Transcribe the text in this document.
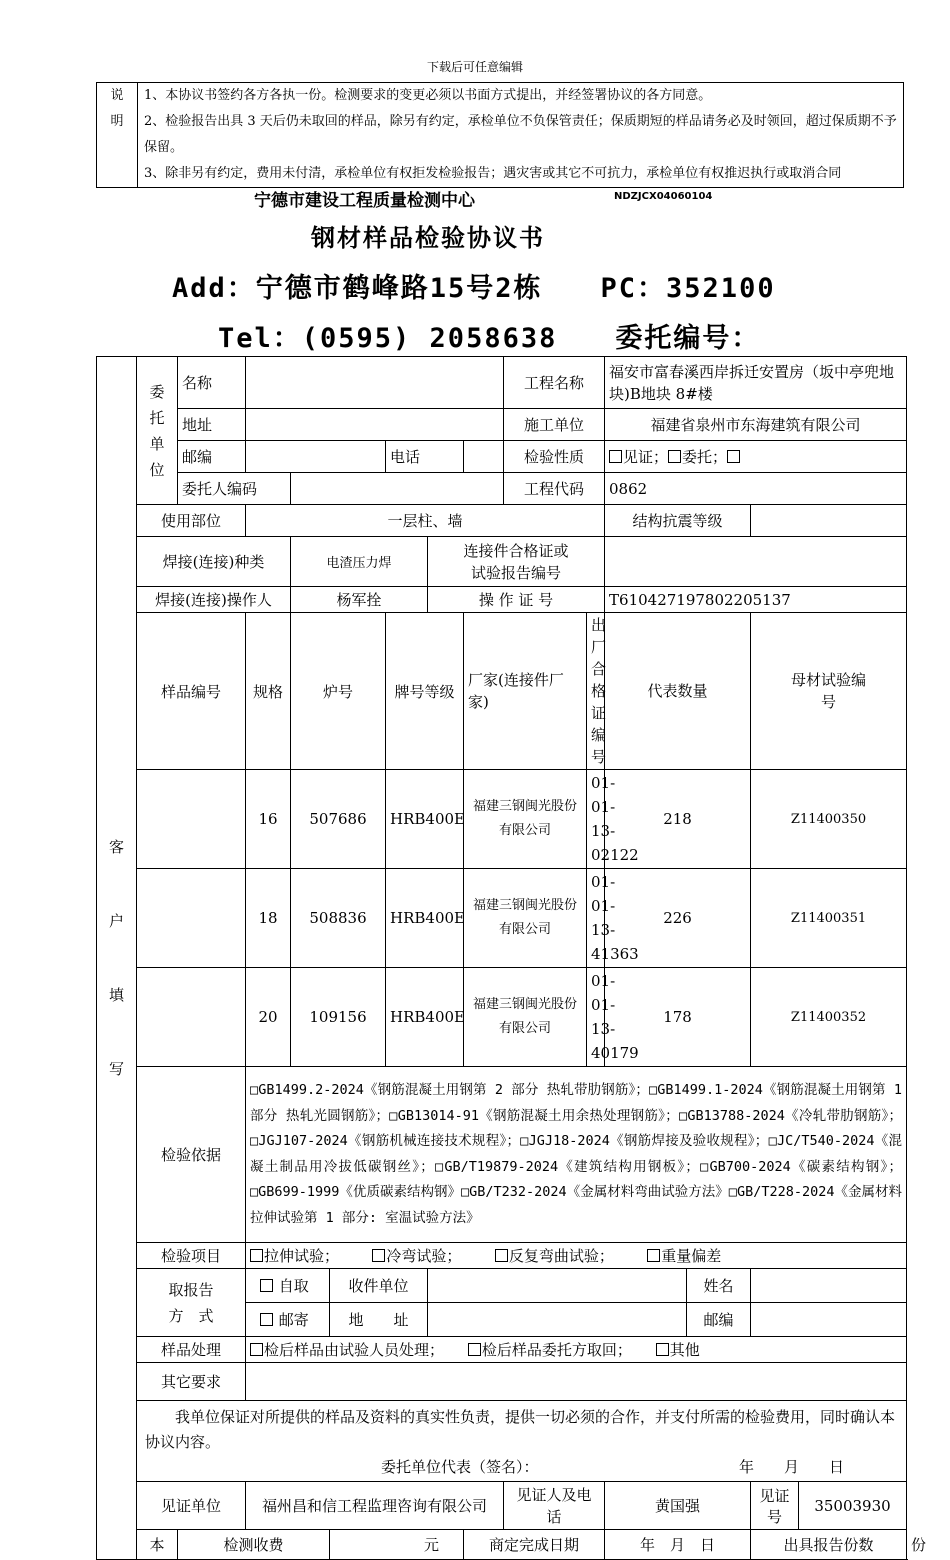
下载后可任意编辑
说明

1、本协议书签约各方各执一份。检测要求的变更必须以书面方式提出，并经签署协议的各方同意。
2、检验报告出具 3 天后仍未取回的样品，除另有约定，承检单位不负保管责任；保质期短的样品请务必及时领回，超过保质期不予保留。
3、除非另有约定，费用未付清，承检单位有权拒发检验报告；遇灾害或其它不可抗力，承检单位有权推迟执行或取消合同
宁德市建设工程质量检测中心	NDZJCX04060104
钢材样品检验协议书
Add：宁德市鹤峰路15号2栋　　PC：352100
Tel：(0595) 2058638　　委托编号：
客　户　填　写	委托单位	名称							工程名称		福安市富春溪西岸拆迁安置房（坂中亭兜地块)B地块 8#楼				
		地址							施工单位		福建省泉州市东海建筑有限公司				
		邮编				电话			检验性质		见证； 委托；				
		委托人编码							工程代码		0862				
	使用部位		一层柱、墙								结构抗震等级				
	焊接(连接)种类			电渣压力焊			连接件合格证或
试验报告编号								

	焊接(连接)操作人			杨军拴			操 作 证 号				T610427197802205137				
	样品编号		规格	炉号		牌号等级		厂家(连接件厂家)		出厂合格证 编 号	代表数量		母材试验编　　号		
			16	507686		HRB400E		福建三钢闽光股份有限公司		01-01-13-02122	218		Z11400350		
			18	508836		HRB400E		福建三钢闽光股份有限公司		01-01-13-41363	226		Z11400351		
			20	109156		HRB400E		福建三钢闽光股份有限公司		01-01-13-40179	178		Z11400352		
	检验依据		□GB1499.2-2024《钢筋混凝土用钢第 2 部分 热轧带肋钢筋》；□GB1499.1-2024《钢筋混凝土用钢第 1 部分 热轧光圆钢筋》；□GB13014-91《钢筋混凝土用余热处理钢筋》；□GB13788-2024《冷轧带肋钢筋》；□JGJ107-2024《钢筋机械连接技术规程》；□JGJ18-2024《钢筋焊接及验收规程》；□JC/T540-2024《混凝土制品用冷拔低碳钢丝》；□GB/T19879-2024《建筑结构用钢板》；□GB700-2024《碳素结构钢》；□GB699-1999《优质碳素结构钢》□GB/T232-2024《金属材料弯曲试验方法》□GB/T228-2024《金属材料拉伸试验第 1 部分: 室温试验方法》												
	检验项目		拉伸试验； 冷弯试验； 反复弯曲试验； 重量偏差												

	取报告
方　式		自取		收件单位							姓名			
			邮寄		地　　址							邮编			
	样品处理		检后样品由试验人员处理； 检后样品委托方取回； 其他												
	其它要求														

	我单位保证对所提供的样品及资料的真实性负责，提供一切必须的合作，并支付所需的检验费用，同时确认本协议内容。
委托单位代表（签名）： 年　　月　　日														

	见证单位		福州昌和信工程监理咨询有限公司						见证人及电话		黄国强		见证号	35003930	
	本	检测收费			元			商定完成日期			年　月　日		出具报告份数		份
